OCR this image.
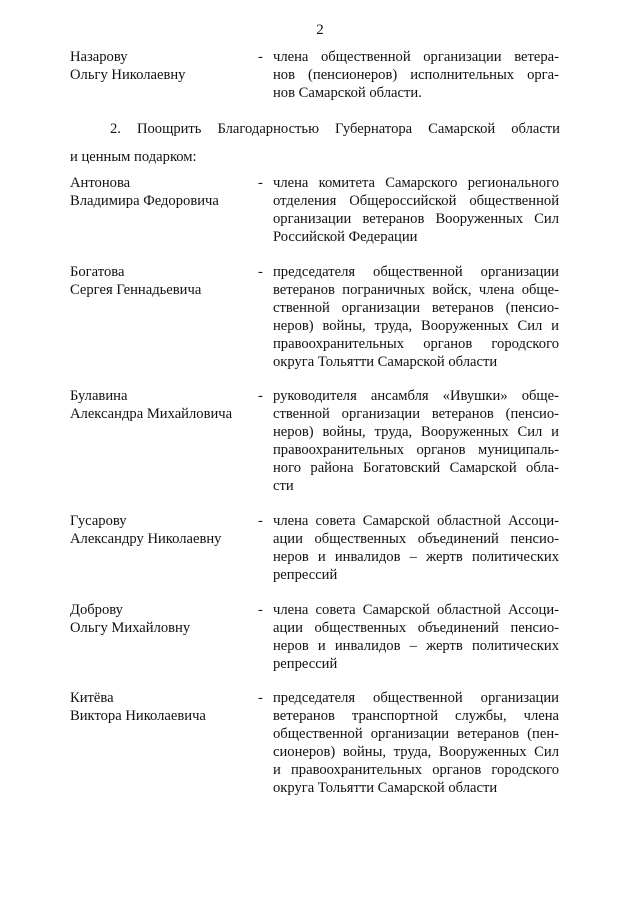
2
Назарову
Ольгу Николаевну
- члена общественной организации ветера-
нов (пенсионеров) исполнительных орга-
нов Самарской области.
2. Поощрить Благодарностью Губернатора Самарской области
и ценным подарком:
Антонова
Владимира Федоровича
- члена комитета Самарского регионального
отделения Общероссийской общественной
организации ветеранов Вооруженных Сил
Российской Федерации
Богатова
Сергея Геннадьевича
- председателя общественной организации
ветеранов пограничных войск, члена обще-
ственной организации ветеранов (пенсио-
неров) войны, труда, Вооруженных Сил и
правоохранительных органов городского
округа Тольятти Самарской области
Булавина
Александра Михайловича
- руководителя ансамбля «Ивушки» обще-
ственной организации ветеранов (пенсио-
неров) войны, труда, Вооруженных Сил и
правоохранительных органов муниципаль-
ного района Богатовский Самарской обла-
сти
Гусарову
Александру Николаевну
- члена совета Самарской областной Ассоци-
ации общественных объединений пенсио-
неров и инвалидов – жертв политических
репрессий
Доброву
Ольгу Михайловну
- члена совета Самарской областной Ассоци-
ации общественных объединений пенсио-
неров и инвалидов – жертв политических
репрессий
Китёва
Виктора Николаевича
- председателя общественной организации
ветеранов транспортной службы, члена
общественной организации ветеранов (пен-
сионеров) войны, труда, Вооруженных Сил
и правоохранительных органов городского
округа Тольятти Самарской области
